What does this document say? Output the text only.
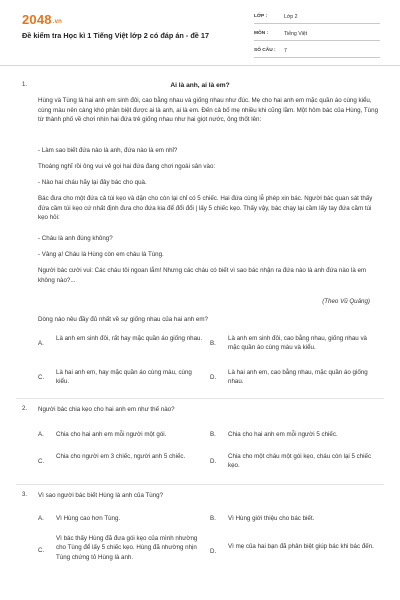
2048.vn
Đề kiểm tra Học kì 1 Tiếng Việt lớp 2 có đáp án - đề 17
LỚP :	Lớp 2
MÔN :	Tiếng Việt
SỐ CÂU :	7
1.	Ai là anh, ai là em?
Hùng và Tùng là hai anh em sinh đôi, cao bằng nhau và giống nhau như đúc. Mẹ cho hai anh em mặc quần áo cùng kiểu, cùng màu nên càng khó phân biệt được ai là anh, ai là em. Đến cả bố mẹ nhiều khi cũng lầm. Một hôm bác của Hùng, Tùng từ thành phố về chơi nhìn hai đứa trẻ giống nhau như hai giọt nước, ông thốt lên:
- Làm sao biết đứa nào là anh, đứa nào là em nhỉ?
Thoáng nghĩ rồi ông vui vẻ gọi hai đứa đang chơi ngoài sân vào:
- Nào hai cháu hãy lại đây bác cho quà.
Bác đưa cho một đứa cả túi kẹo và dặn cho còn lại chỉ có 5 chiếc. Hai đứa cùng lễ phép xin bác. Người bác quan sát thấy đứa cầm túi kẹo cứ nhất định đưa cho đứa kia để đổi đổi | lấy 5 chiếc kẹo. Thấy vậy, bác chạy lại cầm lấy tay đứa cầm túi kẹo hỏi:
- Cháu là anh đúng không?
- Vâng ạ! Cháu là Hùng còn em cháu là Tùng.
Người bác cười vui: Các cháu tôi ngoan lắm! Nhưng các cháu có biết vì sao bác nhận ra đứa nào là anh đứa nào là em không nào?...
(Theo Vũ Quảng)
Dòng nào nêu đầy đủ nhất về sự giống nhau của hai anh em?
A.
Là anh em sinh đôi, rất hay mặc quần áo giống nhau.
B.
Là anh em sinh đôi, cao bằng nhau, giống nhau và mặc quần áo cùng màu và kiểu.
C.
Là hai anh em, hay mặc quần áo cùng màu, cùng kiểu.
D.
Là hai anh em, cao bằng nhau, mặc quần áo giống nhau.
2. Người bác chia kẹo cho hai anh em như thế nào?
A. Chia cho hai anh em mỗi người một gói.	B. Chia cho hai anh em mỗi người 5 chiếc.
C.
Chia cho người em 3 chiếc, người anh 5 chiếc.
D.
Chia cho một cháu một gói kẹo, cháu còn lại 5 chiếc kẹo.
3. Vì sao người bác biết Hùng là anh của Tùng?
A. Vì Hùng cao hơn Tùng.	B. Vì Hùng giới thiệu cho bác biết.
C.
Vì bác thấy Hùng đã đưa gói kẹo của mình nhường cho Tùng để lấy 5 chiếc kẹo. Hùng đã nhường nhịn Tùng chứng tỏ Hùng là anh.
D.
Vì mẹ của hai bạn đã phân biệt giúp bác khi bác đến.
